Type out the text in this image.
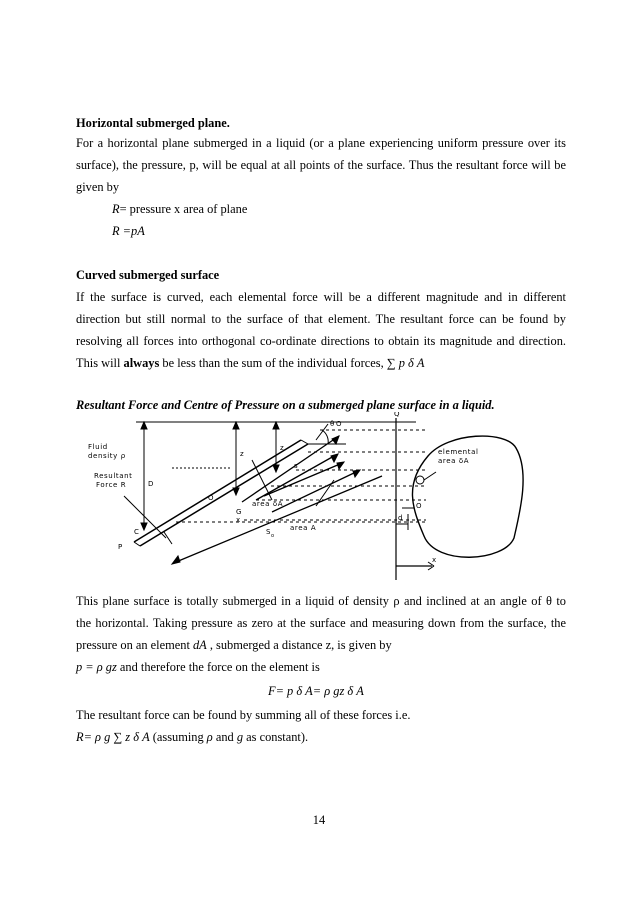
Horizontal submerged plane.
For a horizontal plane submerged in a liquid (or a plane experiencing uniform pressure over its
surface), the pressure, p, will be equal at all points of the surface. Thus the resultant force will be
given by
R= pressure x area of plane
R =pA
Curved submerged surface
If the surface is curved, each elemental force will be a different magnitude and in different
direction but still normal to the surface of that element. The resultant force can be found by
resolving all forces into orthogonal co-ordinate directions to obtain its magnitude and direction.
This will always be less than the sum of the individual forces, ∑ p δ A
Resultant Force and Centre of Pressure on a submerged plane surface in a liquid.
Fluid
density ρ
Resultant
Force R	D
z
z
θ O
Q
s
O
area δA
G
x
$S_o$
area A
C
P
d
O
elemental
area δA
x
This plane surface is totally submerged in a liquid of density ρ and inclined at an angle of θ to
the horizontal. Taking pressure as zero at the surface and measuring down from the surface, the
pressure on an element dA , submerged a distance z, is given by
p = ρ gz and therefore the force on the element is
F= p δ A= ρ gz δ A
The resultant force can be found by summing all of these forces i.e.
R= ρ g ∑ z δ A (assuming ρ and g as constant).
14
